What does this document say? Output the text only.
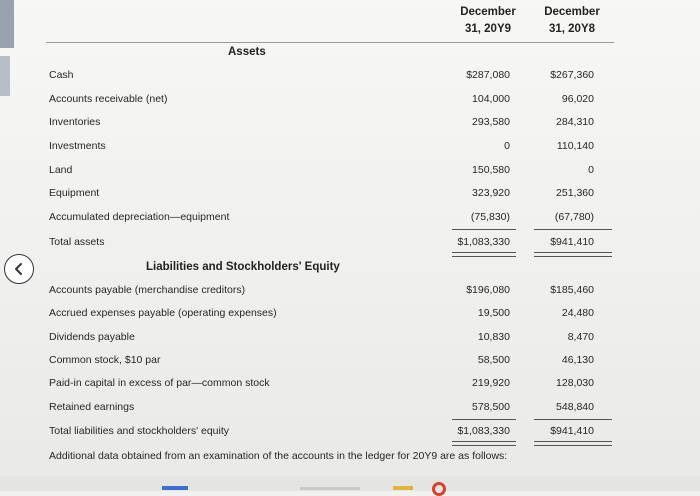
December
31, 20Y9
December
31, 20Y8
Assets
Cash	$287,080	$267,360
Accounts receivable (net)	104,000	96,020
Inventories	293,580	284,310
Investments	0	110,140
Land	150,580	0
Equipment	323,920	251,360
Accumulated depreciation—equipment	(75,830)	(67,780)
Total assets	$1,083,330	$941,410
Liabilities and Stockholders' Equity
Accounts payable (merchandise creditors)	$196,080	$185,460
Accrued expenses payable (operating expenses)	19,500	24,480
Dividends payable	10,830	8,470
Common stock, $10 par	58,500	46,130
Paid-in capital in excess of par—common stock	219,920	128,030
Retained earnings	578,500	548,840
Total liabilities and stockholders' equity	$1,083,330	$941,410
Additional data obtained from an examination of the accounts in the ledger for 20Y9 are as follows:
